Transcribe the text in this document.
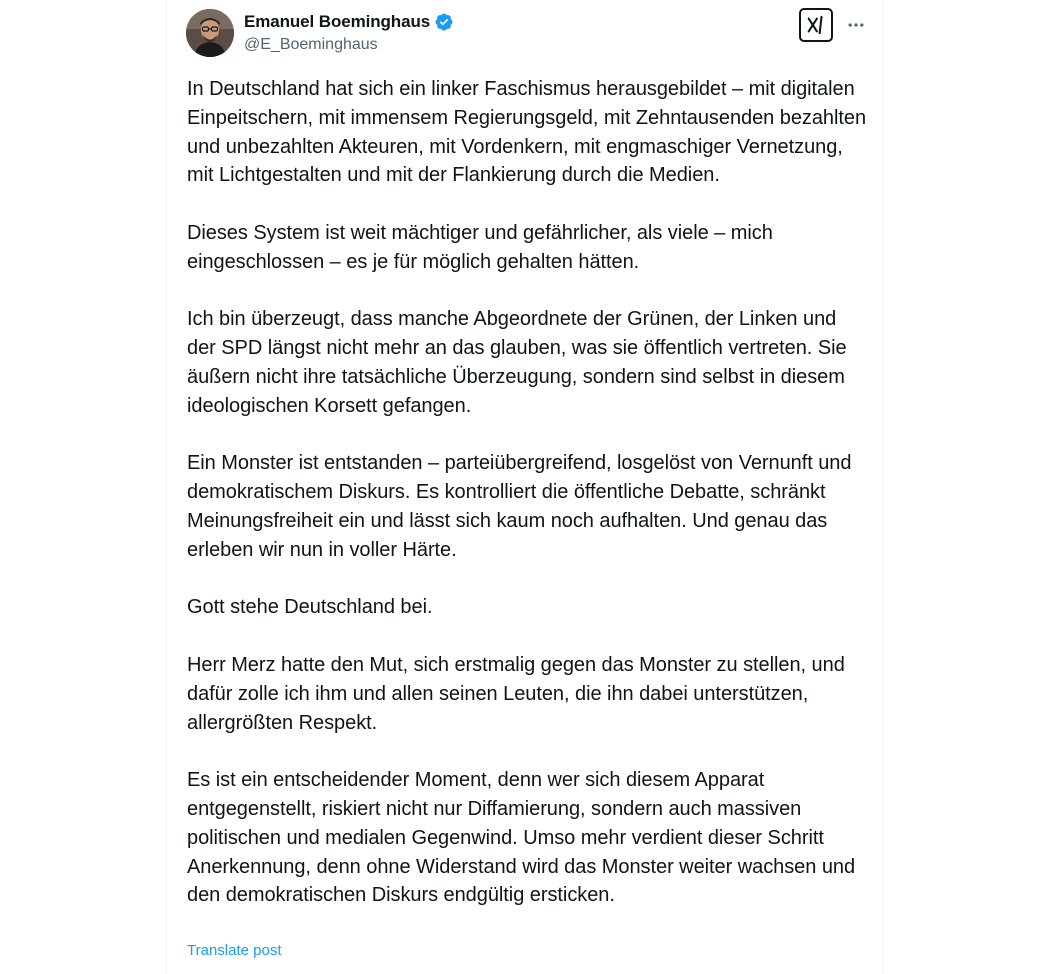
Emanuel Boeminghaus
@E_Boeminghaus

In Deutschland hat sich ein linker Faschismus herausgebildet – mit digitalen Einpeitschern, mit immensem Regierungsgeld, mit Zehntausenden bezahlten und unbezahlten Akteuren, mit Vordenkern, mit engmaschiger Vernetzung, mit Lichtgestalten und mit der Flankierung durch die Medien.

Dieses System ist weit mächtiger und gefährlicher, als viele – mich eingeschlossen – es je für möglich gehalten hätten.

Ich bin überzeugt, dass manche Abgeordnete der Grünen, der Linken und der SPD längst nicht mehr an das glauben, was sie öffentlich vertreten. Sie äußern nicht ihre tatsächliche Überzeugung, sondern sind selbst in diesem ideologischen Korsett gefangen.

Ein Monster ist entstanden – parteiübergreifend, losgelöst von Vernunft und demokratischem Diskurs. Es kontrolliert die öffentliche Debatte, schränkt Meinungsfreiheit ein und lässt sich kaum noch aufhalten. Und genau das erleben wir nun in voller Härte.

Gott stehe Deutschland bei.

Herr Merz hatte den Mut, sich erstmalig gegen das Monster zu stellen, und dafür zolle ich ihm und allen seinen Leuten, die ihn dabei unterstützen, allergrößten Respekt.

Es ist ein entscheidender Moment, denn wer sich diesem Apparat entgegenstellt, riskiert nicht nur Diffamierung, sondern auch massiven politischen und medialen Gegenwind. Umso mehr verdient dieser Schritt Anerkennung, denn ohne Widerstand wird das Monster weiter wachsen und den demokratischen Diskurs endgültig ersticken.

Translate post
